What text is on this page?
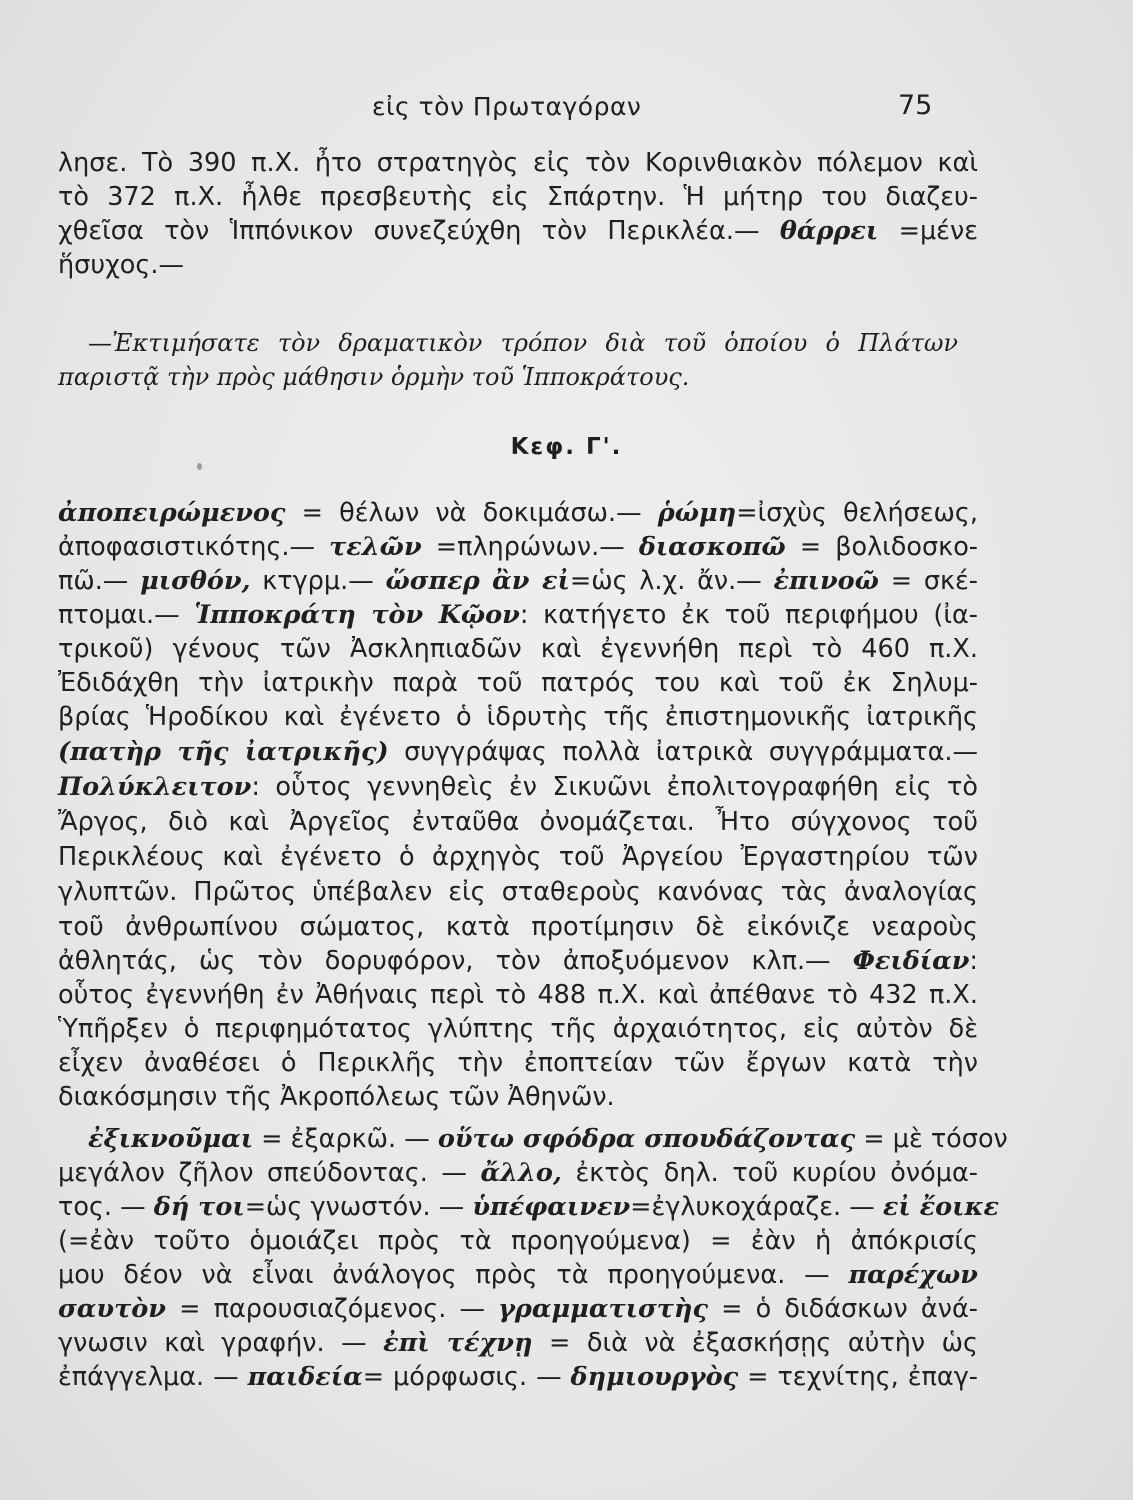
εἰς τὸν Πρωταγόραν	75
λησε. Τὸ 390 π.Χ. ἦτο στρατηγὸς εἰς τὸν Κορινθιακὸν πόλεμον καὶ
τὸ 372 π.Χ. ἦλθε πρεσβευτὴς εἰς Σπάρτην. Ἡ μήτηρ του διαζευ-
χθεῖσα τὸν Ἱππόνικον συνεζεύχθη τὸν Περικλέα.— θάρρει =μένε
ἥσυχος.—
—Ἐκτιμήσατε τὸν δραματικὸν τρόπον διὰ τοῦ ὁποίου ὁ Πλάτων
παριστᾷ τὴν πρὸς μάθησιν ὁρμὴν τοῦ Ἱπποκράτους.
Κεφ. Γ'.
ἀποπειρώμενος = θέλων νὰ δοκιμάσω.— ῥώμη=ἰσχὺς θελήσεως,
ἀποφασιστικότης.— τελῶν =πληρώνων.— διασκοπῶ = βολιδοσκο-
πῶ.— μισθόν, κτγρμ.— ὥσπερ ἂν εἰ=ὡς λ.χ. ἄν.— ἐπινοῶ = σκέ-
πτομαι.— Ἱπποκράτη τὸν Κῷον: κατήγετο ἐκ τοῦ περιφήμου (ἰα-
τρικοῦ) γένους τῶν Ἀσκληπιαδῶν καὶ ἐγεννήθη περὶ τὸ 460 π.Χ.
Ἐδιδάχθη τὴν ἰατρικὴν παρὰ τοῦ πατρός του καὶ τοῦ ἐκ Σηλυμ-
βρίας Ἡροδίκου καὶ ἐγένετο ὁ ἱδρυτὴς τῆς ἐπιστημονικῆς ἰατρικῆς
(πατὴρ τῆς ἰατρικῆς) συγγράψας πολλὰ ἰατρικὰ συγγράμματα.—
Πολύκλειτον: οὗτος γεννηθεὶς ἐν Σικυῶνι ἐπολιτογραφήθη εἰς τὸ
Ἄργος, διὸ καὶ Ἀργεῖος ἐνταῦθα ὀνομάζεται. Ἦτο σύγχονος τοῦ
Περικλέους καὶ ἐγένετο ὁ ἀρχηγὸς τοῦ Ἀργείου Ἐργαστηρίου τῶν
γλυπτῶν. Πρῶτος ὑπέβαλεν εἰς σταθεροὺς κανόνας τὰς ἀναλογίας
τοῦ ἀνθρωπίνου σώματος, κατὰ προτίμησιν δὲ εἰκόνιζε νεαροὺς
ἀθλητάς, ὡς τὸν δορυφόρον, τὸν ἀποξυόμενον κλπ.— Φειδίαν:
οὗτος ἐγεννήθη ἐν Ἀθήναις περὶ τὸ 488 π.Χ. καὶ ἀπέθανε τὸ 432 π.Χ.
Ὑπῆρξεν ὁ περιφημότατος γλύπτης τῆς ἀρχαιότητος, εἰς αὐτὸν δὲ
εἶχεν ἀναθέσει ὁ Περικλῆς τὴν ἐποπτείαν τῶν ἔργων κατὰ τὴν
διακόσμησιν τῆς Ἀκροπόλεως τῶν Ἀθηνῶν.
ἐξικνοῦμαι = ἐξαρκῶ. — οὕτω σφόδρα σπουδάζοντας = μὲ τόσον
μεγάλον ζῆλον σπεύδοντας. — ἄλλο, ἐκτὸς δηλ. τοῦ κυρίου ὀνόμα-
τος. — δή τοι=ὡς γνωστόν. — ὑπέφαινεν=ἐγλυκοχάραζε. — εἰ ἔοικε
(=ἐὰν τοῦτο ὁμοιάζει πρὸς τὰ προηγούμενα) = ἐὰν ἡ ἀπόκρισίς
μου δέον νὰ εἶναι ἀνάλογος πρὸς τὰ προηγούμενα. — παρέχων
σαυτὸν = παρουσιαζόμενος. — γραμματιστὴς = ὁ διδάσκων ἀνά-
γνωσιν καὶ γραφήν. — ἐπὶ τέχνῃ = διὰ νὰ ἐξασκήσῃς αὐτὴν ὡς
ἐπάγγελμα. — παιδεία= μόρφωσις. — δημιουργὸς = τεχνίτης, ἐπαγ-
